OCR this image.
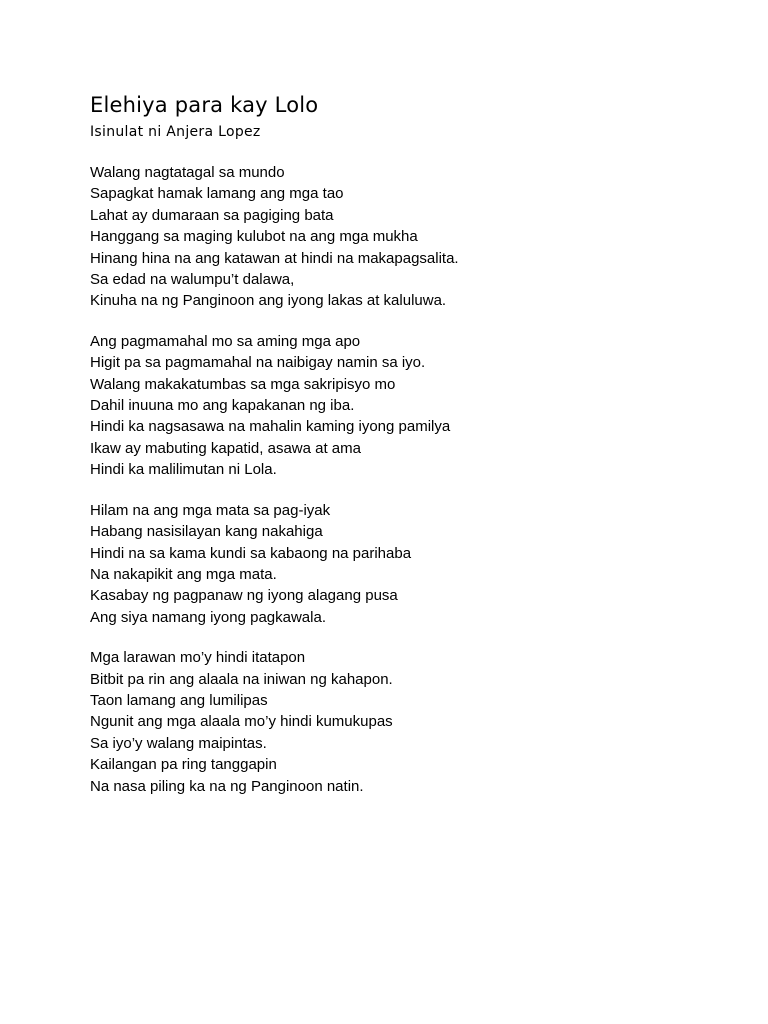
Elehiya para kay Lolo

Isinulat ni Anjera Lopez

Walang nagtatagal sa mundo
Sapagkat hamak lamang ang mga tao
Lahat ay dumaraan sa pagiging bata
Hanggang sa maging kulubot na ang mga mukha
Hinang hina na ang katawan at hindi na makapagsalita.
Sa edad na walumpu’t dalawa,
Kinuha na ng Panginoon ang iyong lakas at kaluluwa.
Ang pagmamahal mo sa aming mga apo
Higit pa sa pagmamahal na naibigay namin sa iyo.
Walang makakatumbas sa mga sakripisyo mo
Dahil inuuna mo ang kapakanan ng iba.
Hindi ka nagsasawa na mahalin kaming iyong pamilya
Ikaw ay mabuting kapatid, asawa at ama
Hindi ka malilimutan ni Lola.
Hilam na ang mga mata sa pag-iyak
Habang nasisilayan kang nakahiga
Hindi na sa kama kundi sa kabaong na parihaba
Na nakapikit ang mga mata.
Kasabay ng pagpanaw ng iyong alagang pusa
Ang siya namang iyong pagkawala.
Mga larawan mo’y hindi itatapon
Bitbit pa rin ang alaala na iniwan ng kahapon.
Taon lamang ang lumilipas
Ngunit ang mga alaala mo’y hindi kumukupas
Sa iyo’y walang maipintas.
Kailangan pa ring tanggapin
Na nasa piling ka na ng Panginoon natin.
